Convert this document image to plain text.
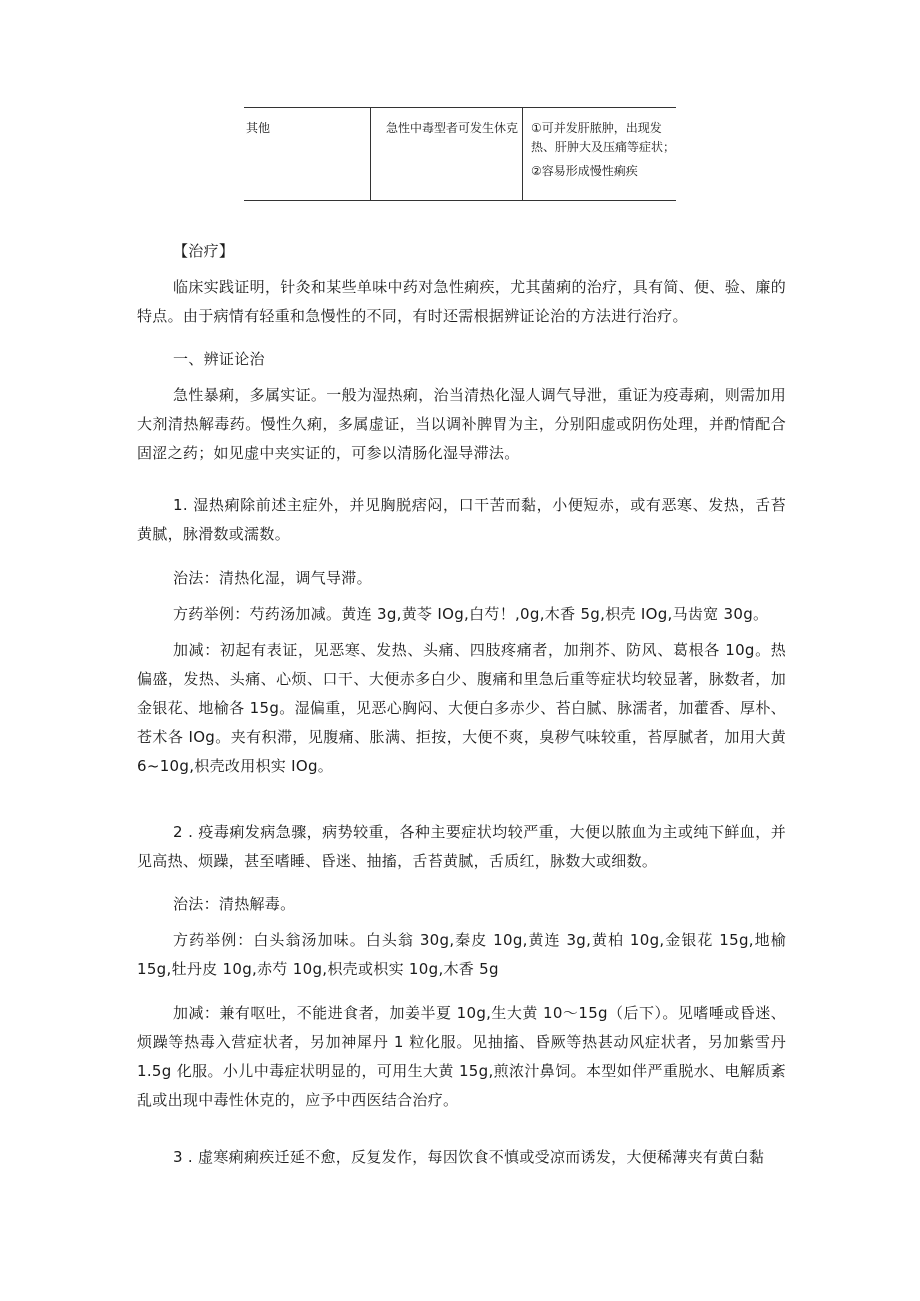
其他	急性中毒型者可发生休克	①可并发肝脓肿，出现发热、肝肿大及压痛等症状；
②容易形成慢性痢疾

【治疗】

临床实践证明，针灸和某些单味中药对急性痢疾，尤其菌痢的治疗，具有简、便、验、廉的特点。由于病情有轻重和急慢性的不同，有时还需根据辨证论治的方法进行治疗。

一、辨证论治

急性暴痢，多属实证。一般为湿热痢，治当清热化湿人调气导泄，重证为疫毒痢，则需加用大剂清热解毒药。慢性久痢，多属虚证，当以调补脾胃为主，分别阳虚或阴伤处理，并酌情配合固涩之药；如见虚中夹实证的，可参以清肠化湿导滞法。

1. 湿热痢除前述主症外，并见胸脱痞闷，口干苦而黏，小便短赤，或有恶寒、发热，舌苔黄腻，脉滑数或濡数。

治法：清热化湿，调气导滞。

方药举例：芍药汤加减。黄连 3g,黄苓 IOg,白芍！,0g,木香 5g,枳壳 IOg,马齿宽 30g。

加减：初起有表证，见恶寒、发热、头痛、四肢疼痛者，加荆芥、防风、葛根各 10g。热偏盛，发热、头痛、心烦、口干、大便赤多白少、腹痛和里急后重等症状均较显著，脉数者，加金银花、地榆各 15g。湿偏重，见恶心胸闷、大便白多赤少、苔白腻、脉濡者，加藿香、厚朴、苍术各 IOg。夹有积滞，见腹痛、胀满、拒按，大便不爽，臭秽气味较重，苔厚腻者，加用大黄 6~10g,枳壳改用枳实 IOg。

2 . 疫毒痢发病急骤，病势较重，各种主要症状均较严重，大便以脓血为主或纯下鲜血，并见高热、烦躁，甚至嗜睡、昏迷、抽搐，舌苔黄腻，舌质红，脉数大或细数。

治法：清热解毒。

方药举例：白头翁汤加味。白头翁 30g,秦皮 10g,黄连 3g,黄柏 10g,金银花 15g,地榆 15g,牡丹皮 10g,赤芍 10g,枳壳或枳实 10g,木香 5g

加减：兼有呕吐，不能进食者，加姜半夏 10g,生大黄 10～15g（后下）。见嗜唾或昏迷、烦躁等热毒入营症状者，另加神犀丹 1 粒化服。见抽搐、昏厥等热甚动风症状者，另加紫雪丹 1.5g 化服。小儿中毒症状明显的，可用生大黄 15g,煎浓汁鼻饲。本型如伴严重脱水、电解质紊乱或出现中毒性休克的，应予中西医结合治疗。

3 . 虚寒痢痢疾迁延不愈，反复发作，每因饮食不慎或受凉而诱发，大便稀薄夹有黄白黏
